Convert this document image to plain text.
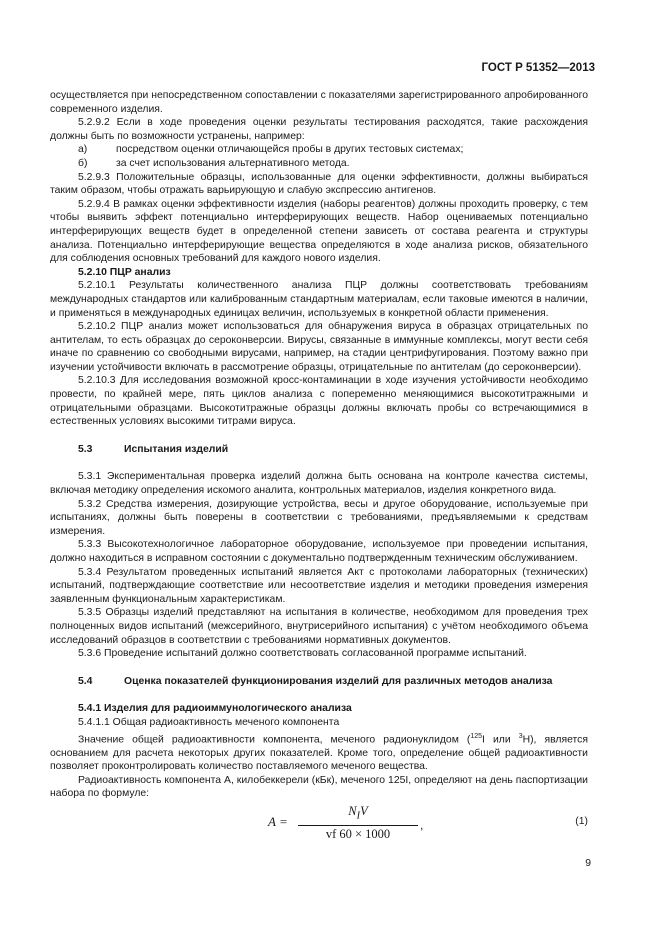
ГОСТ Р 51352—2013

осуществляется при непосредственном сопоставлении с показателями зарегистрированного апробированного современного изделия.

5.2.9.2 Если в ходе проведения оценки результаты тестирования расходятся, такие расхождения должны быть по возможности устранены, например:

а)	посредством оценки отличающейся пробы в других тестовых системах;
б)	за счет использования альтернативного метода.

5.2.9.3 Положительные образцы, использованные для оценки эффективности, должны выбираться таким образом, чтобы отражать варьирующую и слабую экспрессию антигенов.

5.2.9.4 В рамках оценки эффективности изделия (наборы реагентов) должны проходить проверку, с тем чтобы выявить эффект потенциально интерферирующих веществ. Набор оцениваемых потенциально интерферирующих веществ будет в определенной степени зависеть от состава реагента и структуры анализа. Потенциально интерферирующие вещества определяются в ходе анализа рисков, обязательного для соблюдения основных требований для каждого нового изделия.

5.2.10 ПЦР анализ

5.2.10.1 Результаты количественного анализа ПЦР должны соответствовать требованиям международных стандартов или калиброванным стандартным материалам, если таковые имеются в наличии, и применяться в международных единицах величин, используемых в конкретной области применения.

5.2.10.2 ПЦР анализ может использоваться для обнаружения вируса в образцах отрицательных по антителам, то есть образцах до сероконверсии. Вирусы, связанные в иммунные комплексы, могут вести себя иначе по сравнению со свободными вирусами, например, на стадии центрифугирования. Поэтому важно при изучении устойчивости включать в рассмотрение образцы, отрицательные по антителам (до сероконверсии).

5.2.10.3 Для исследования возможной кросс-контаминации в ходе изучения устойчивости необходимо провести, по крайней мере, пять циклов анализа с попеременно меняющимися высокотитражными и отрицательными образцами. Высокотитражные образцы должны включать пробы со встречающимися в естественных условиях высокими титрами вируса.

5.3	Испытания изделий

5.3.1 Экспериментальная проверка изделий должна быть основана на контроле качества системы, включая методику определения искомого аналита, контрольных материалов, изделия конкретного вида.

5.3.2 Средства измерения, дозирующие устройства, весы и другое оборудование, используемые при испытаниях, должны быть поверены в соответствии с требованиями, предъявляемыми к средствам измерения.

5.3.3 Высокотехнологичное лабораторное оборудование, используемое при проведении испытания, должно находиться в исправном состоянии с документально подтвержденным техническим обслуживанием.

5.3.4 Результатом проведенных испытаний является Акт с протоколами лабораторных (технических) испытаний, подтверждающие соответствие или несоответствие изделия и методики проведения измерения заявленным функциональным характеристикам.

5.3.5 Образцы изделий представляют на испытания в количестве, необходимом для проведения трех полноценных видов испытаний (межсерийного, внутрисерийного испытания) с учётом необходимого объема исследований образцов в соответствии с требованиями нормативных документов.

5.3.6 Проведение испытаний должно соответствовать согласованной программе испытаний.

5.4	Оценка показателей функционирования изделий для различных методов анализа

5.4.1 Изделия для радиоиммунологического анализа

5.4.1.1 Общая радиоактивность меченого компонента

Значение общей радиоактивности компонента, меченого радионуклидом ($^{125}$I или $^3$H), является основанием для расчета некоторых других показателей. Кроме того, определение общей радиоактивности позволяет проконтролировать количество поставляемого меченого вещества.

Радиоактивность компонента А, килобеккерели (кБк), меченого 125I, определяют на день паспортизации набора по формуле:

A =
$N_IV$
vf 60 × 1000
,	(1)
9
